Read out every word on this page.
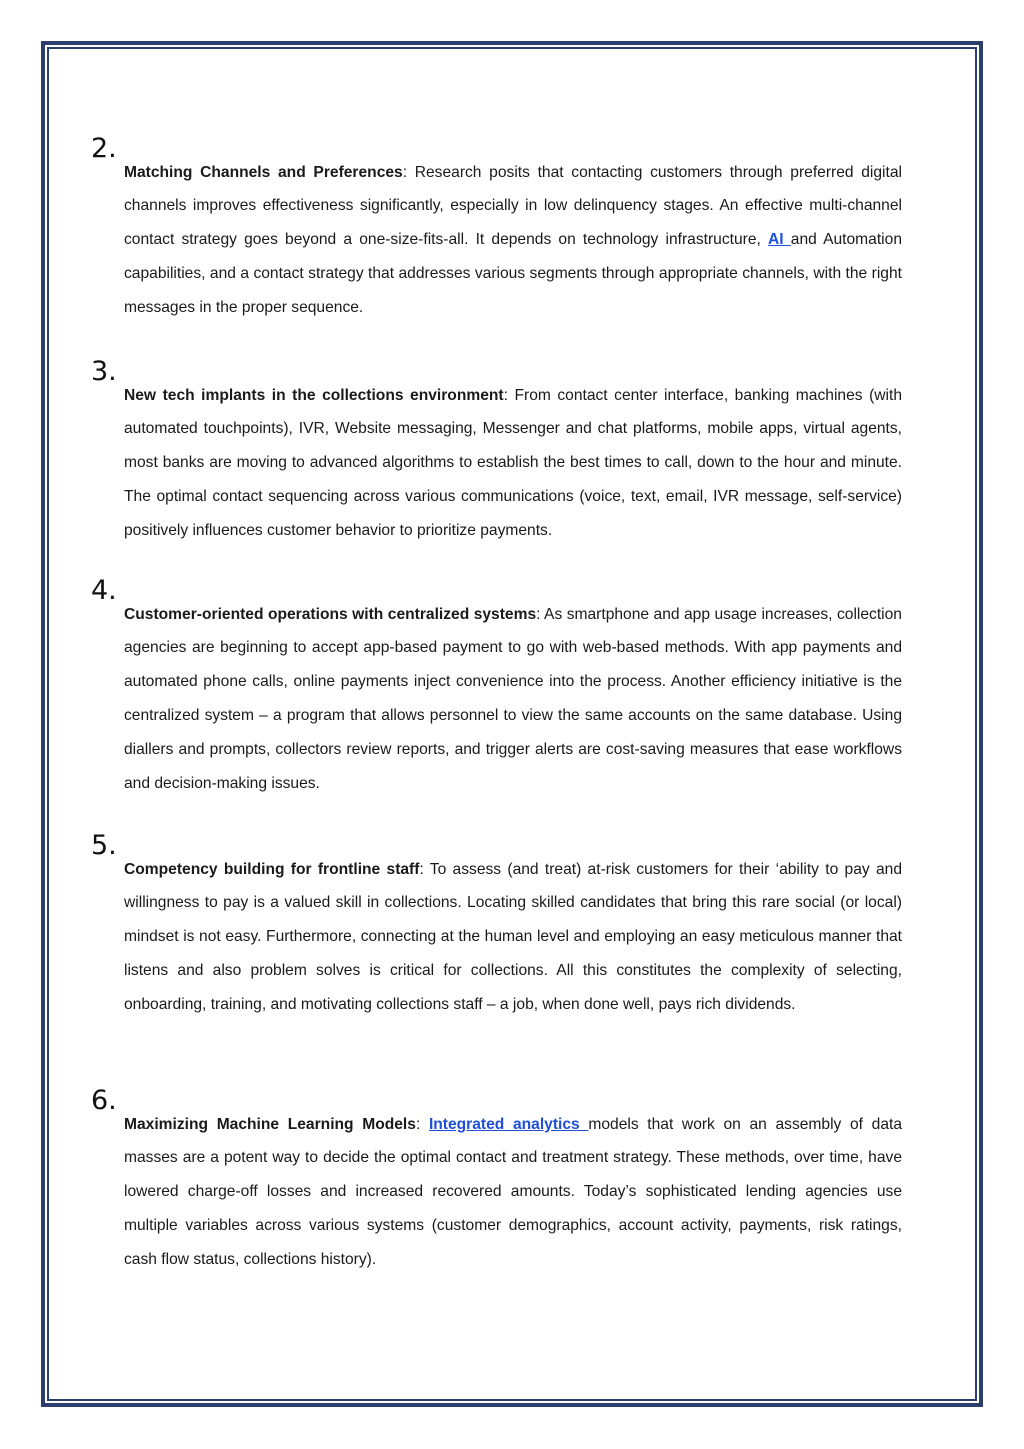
2.

Matching Channels and Preferences: Research posits that contacting customers through preferred digital channels improves effectiveness significantly, especially in low delinquency stages. An effective multi-channel contact strategy goes beyond a one-size-fits-all. It depends on technology infrastructure, AI and Automation capabilities, and a contact strategy that addresses various segments through appropriate channels, with the right messages in the proper sequence.

3.

New tech implants in the collections environment: From contact center interface, banking machines (with automated touchpoints), IVR, Website messaging, Messenger and chat platforms, mobile apps, virtual agents, most banks are moving to advanced algorithms to establish the best times to call, down to the hour and minute. The optimal contact sequencing across various communications (voice, text, email, IVR message, self-service) positively influences customer behavior to prioritize payments.

4.

Customer-oriented operations with centralized systems: As smartphone and app usage increases, collection agencies are beginning to accept app-based payment to go with web-based methods. With app payments and automated phone calls, online payments inject convenience into the process. Another efficiency initiative is the centralized system – a program that allows personnel to view the same accounts on the same database. Using diallers and prompts, collectors review reports, and trigger alerts are cost-saving measures that ease workflows and decision-making issues.

5.

Competency building for frontline staff: To assess (and treat) at-risk customers for their ‘ability to pay and willingness to pay is a valued skill in collections. Locating skilled candidates that bring this rare social (or local) mindset is not easy. Furthermore, connecting at the human level and employing an easy meticulous manner that listens and also problem solves is critical for collections. All this constitutes the complexity of selecting, onboarding, training, and motivating collections staff – a job, when done well, pays rich dividends.

6.

Maximizing Machine Learning Models: Integrated analytics models that work on an assembly of data masses are a potent way to decide the optimal contact and treatment strategy. These methods, over time, have lowered charge-off losses and increased recovered amounts. Today’s sophisticated lending agencies use multiple variables across various systems (customer demographics, account activity, payments, risk ratings, cash flow status, collections history).
